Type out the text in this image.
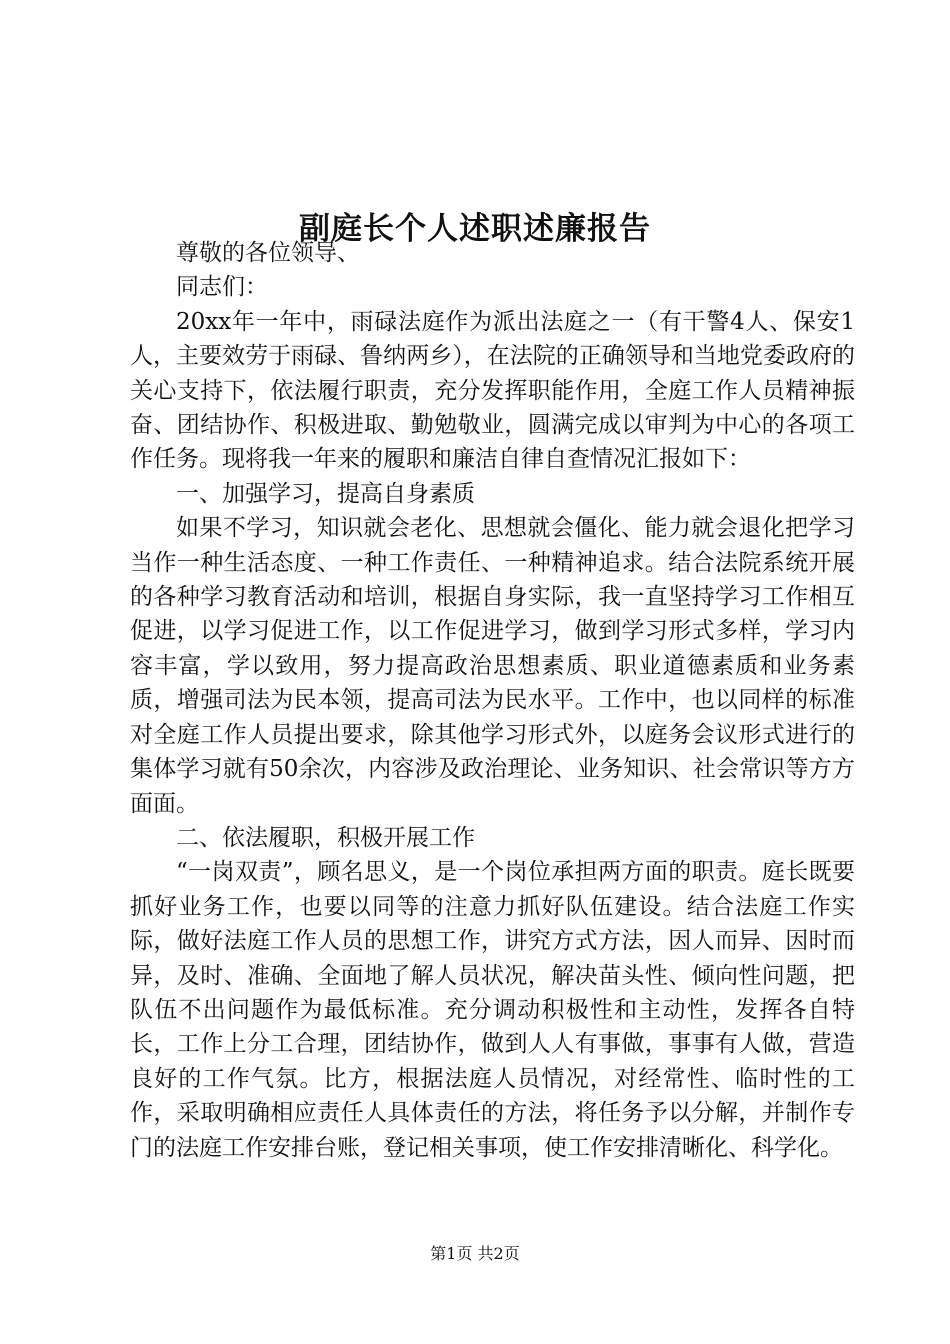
副庭长个人述职述廉报告

尊敬的各位领导、

同志们：

20xx年一年中，雨碌法庭作为派出法庭之一（有干警4人、保安1人，主要效劳于雨碌、鲁纳两乡），在法院的正确领导和当地党委政府的关心支持下，依法履行职责，充分发挥职能作用，全庭工作人员精神振奋、团结协作、积极进取、勤勉敬业，圆满完成以审判为中心的各项工作任务。现将我一年来的履职和廉洁自律自查情况汇报如下：

一、加强学习，提高自身素质

如果不学习，知识就会老化、思想就会僵化、能力就会退化把学习当作一种生活态度、一种工作责任、一种精神追求。结合法院系统开展的各种学习教育活动和培训，根据自身实际，我一直坚持学习工作相互促进，以学习促进工作，以工作促进学习，做到学习形式多样，学习内容丰富，学以致用，努力提高政治思想素质、职业道德素质和业务素质，增强司法为民本领，提高司法为民水平。工作中，也以同样的标准对全庭工作人员提出要求，除其他学习形式外，以庭务会议形式进行的集体学习就有50余次，内容涉及政治理论、业务知识、社会常识等方方面面。

二、依法履职，积极开展工作

“一岗双责”，顾名思义，是一个岗位承担两方面的职责。庭长既要抓好业务工作，也要以同等的注意力抓好队伍建设。结合法庭工作实际，做好法庭工作人员的思想工作，讲究方式方法，因人而异、因时而异，及时、准确、全面地了解人员状况，解决苗头性、倾向性问题，把队伍不出问题作为最低标准。充分调动积极性和主动性，发挥各自特长，工作上分工合理，团结协作，做到人人有事做，事事有人做，营造良好的工作气氛。比方，根据法庭人员情况，对经常性、临时性的工作，采取明确相应责任人具体责任的方法，将任务予以分解，并制作专门的法庭工作安排台账，登记相关事项，使工作安排清晰化、科学化。

第1页 共2页
